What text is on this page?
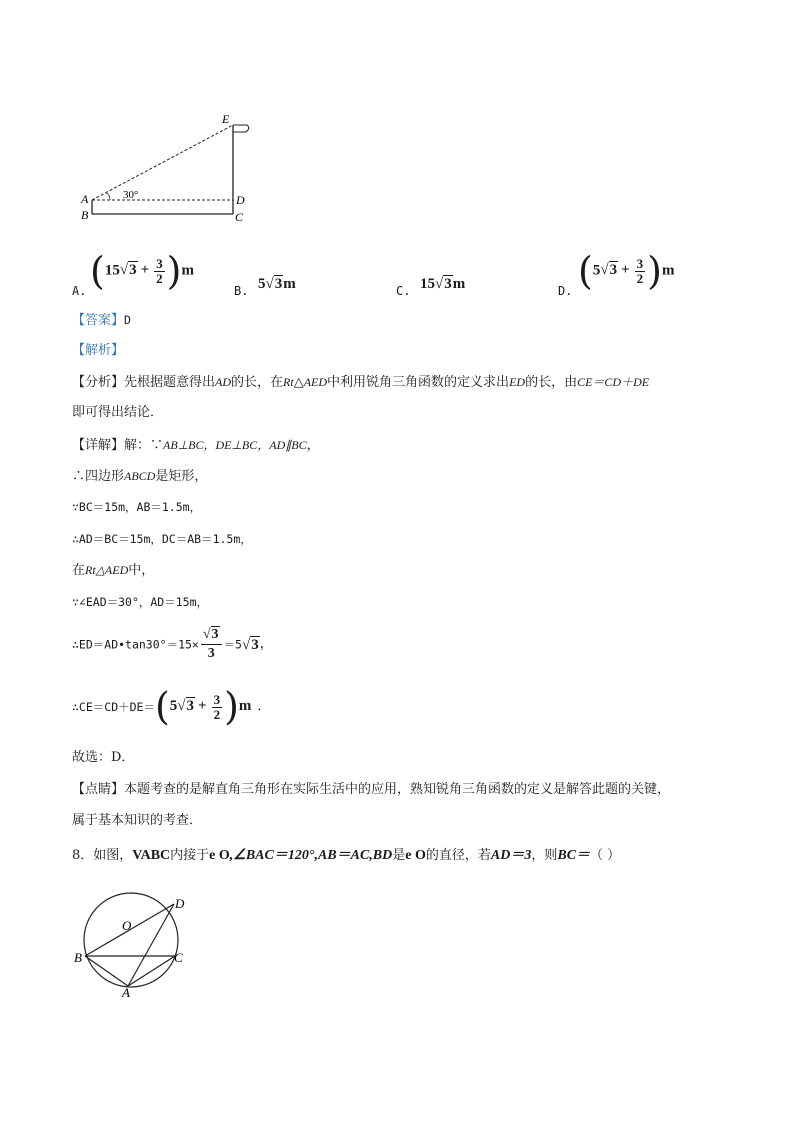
E
A
B
D
C
30°
A. $(15√3 + \frac{3}{2} )m$
B. 5√3m	C. 15√3m	D. $(5√3 + \frac{3}{2} )m$
【答案】D
【解析】
【分析】先根据题意得出AD的长，在Rt△AED中利用锐角三角函数的定义求出ED的长，由CE＝CD＋DE
即可得出结论．
【详解】解：∵AB⊥BC，DE⊥BC，AD∥BC，
∴四边形ABCD是矩形，
∵BC＝15m，AB＝1.5m，
∴AD＝BC＝15m，DC＝AB＝1.5m，
在Rt△AED中，
∵∠EAD＝30°，AD＝15m，
∴ED＝AD•tan30°＝15× $\frac{√3}{3} =5√3$，
∴CE＝CD＋DE＝(5√3 + $\frac{3}{2} )m$ ．
故选：D．
【点睛】本题考查的是解直角三角形在实际生活中的应用，熟知锐角三角函数的定义是解答此题的关键，
属于基本知识的考查．
8．如图，VABC内接于e O,∠BAC＝120°,AB＝AC,BD是e O的直径，若AD＝3，则BC＝（ ）
O
D
B	C
A
